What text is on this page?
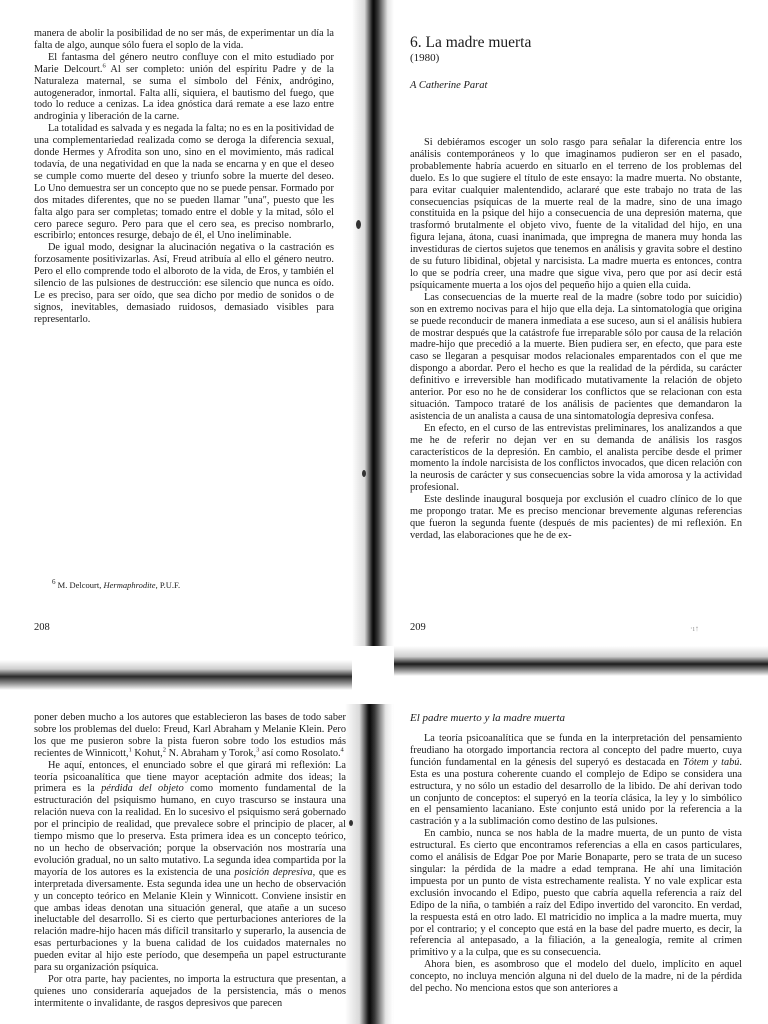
manera de abolir la posibilidad de no ser más, de experimentar un día la falta de algo, aunque sólo fuera el soplo de la vida.

El fantasma del género neutro confluye con el mito estudiado por Marie Delcourt.$^6$ Al ser completo: unión del espíritu Padre y de la Naturaleza maternal, se suma el símbolo del Fénix, andrógino, autogenerador, inmortal. Falta allí, siquiera, el bautismo del fuego, que todo lo reduce a cenizas. La idea gnóstica dará remate a ese lazo entre androginia y liberación de la carne.

La totalidad es salvada y es negada la falta; no es en la positividad de una complementariedad realizada como se deroga la diferencia sexual, donde Hermes y Afrodita son uno, sino en el movimiento, más radical todavía, de una negatividad en que la nada se encarna y en que el deseo se cumple como muerte del deseo y triunfo sobre la muerte del deseo. Lo Uno demuestra ser un concepto que no se puede pensar. Formado por dos mitades diferentes, que no se pueden llamar "una", puesto que les falta algo para ser completas; tomado entre el doble y la mitad, sólo el cero parece seguro. Pero para que el cero sea, es preciso nombrarlo, escribirlo; entonces resurge, debajo de él, el Uno ineliminable.

De igual modo, designar la alucinación negativa o la castración es forzosamente positivizarlas. Así, Freud atribuía al ello el género neutro. Pero el ello comprende todo el alboroto de la vida, de Eros, y también el silencio de las pulsiones de destrucción: ese silencio que nunca es oído. Le es preciso, para ser oído, que sea dicho por medio de sonidos o de signos, inevitables, demasiado ruidosos, demasiado visibles para representarlo.

$^6$ M. Delcourt, Hermaphrodite, P.U.F.
208
6. La madre muerta
(1980)
A Catherine Parat

Si debiéramos escoger un solo rasgo para señalar la diferencia entre los análisis contemporáneos y lo que imaginamos pudieron ser en el pasado, probablemente habría acuerdo en situarlo en el terreno de los problemas del duelo. Es lo que sugiere el título de este ensayo: la madre muerta. No obstante, para evitar cualquier malentendido, aclararé que este trabajo no trata de las consecuencias psíquicas de la muerte real de la madre, sino de una imago constituida en la psique del hijo a consecuencia de una depresión materna, que trasformó brutalmente el objeto vivo, fuente de la vitalidad del hijo, en una figura lejana, átona, cuasi inanimada, que impregna de manera muy honda las investiduras de ciertos sujetos que tenemos en análisis y gravita sobre el destino de su futuro libidinal, objetal y narcisista. La madre muerta es entonces, contra lo que se podría creer, una madre que sigue viva, pero que por así decir está psíquicamente muerta a los ojos del pequeño hijo a quien ella cuida.

Las consecuencias de la muerte real de la madre (sobre todo por suicidio) son en extremo nocivas para el hijo que ella deja. La sintomatología que origina se puede reconducir de manera inmediata a ese suceso, aun si el análisis hubiera de mostrar después que la catástrofe fue irreparable sólo por causa de la relación madre-hijo que precedió a la muerte. Bien pudiera ser, en efecto, que para este caso se llegaran a pesquisar modos relacionales emparentados con el que me dispongo a abordar. Pero el hecho es que la realidad de la pérdida, su carácter definitivo e irreversible han modificado mutativamente la relación de objeto anterior. Por eso no he de considerar los conflictos que se relacionan con esta situación. Tampoco trataré de los análisis de pacientes que demandaron la asistencia de un analista a causa de una sintomatología depresiva confesa.

En efecto, en el curso de las entrevistas preliminares, los analizandos a que me he de referir no dejan ver en su demanda de análisis los rasgos característicos de la depresión. En cambio, el analista percibe desde el primer momento la índole narcisista de los conflictos invocados, que dicen relación con la neurosis de carácter y sus consecuencias sobre la vida amorosa y la actividad profesional.

Este deslinde inaugural bosqueja por exclusión el cuadro clínico de lo que me propongo tratar. Me es preciso mencionar brevemente algunas referencias que fueron la segunda fuente (después de mis pacientes) de mi reflexión. En verdad, las elaboraciones que he de ex-

209	·ı↑

poner deben mucho a los autores que establecieron las bases de todo saber sobre los problemas del duelo: Freud, Karl Abraham y Melanie Klein. Pero los que me pusieron sobre la pista fueron sobre todo los estudios más recientes de Winnicott,$^1$ Kohut,$^2$ N. Abraham y Torok,$^3$ así como Rosolato.$^4$

He aquí, entonces, el enunciado sobre el que girará mi reflexión: La teoría psicoanalítica que tiene mayor aceptación admite dos ideas; la primera es la pérdida del objeto como momento fundamental de la estructuración del psiquismo humano, en cuyo trascurso se instaura una relación nueva con la realidad. En lo sucesivo el psiquismo será gobernado por el principio de realidad, que prevalece sobre el principio de placer, al tiempo mismo que lo preserva. Esta primera idea es un concepto teórico, no un hecho de observación; porque la observación nos mostraría una evolución gradual, no un salto mutativo. La segunda idea compartida por la mayoría de los autores es la existencia de una posición depresiva, que es interpretada diversamente. Esta segunda idea une un hecho de observación y un concepto teórico en Melanie Klein y Winnicott. Conviene insistir en que ambas ideas denotan una situación general, que atañe a un suceso ineluctable del desarrollo. Si es cierto que perturbaciones anteriores de la relación madre-hijo hacen más difícil transitarlo y superarlo, la ausencia de esas perturbaciones y la buena calidad de los cuidados maternales no pueden evitar al hijo este período, que desempeña un papel estructurante para su organización psíquica.

Por otra parte, hay pacientes, no importa la estructura que presentan, a quienes uno consideraría aquejados de la persistencia, más o menos intermitente o invalidante, de rasgos depresivos que parecen

El padre muerto y la madre muerta

La teoría psicoanalítica que se funda en la interpretación del pensamiento freudiano ha otorgado importancia rectora al concepto del padre muerto, cuya función fundamental en la génesis del superyó es destacada en Tótem y tabú. Esta es una postura coherente cuando el complejo de Edipo se considera una estructura, y no sólo un estadio del desarrollo de la libido. De ahí derivan todo un conjunto de conceptos: el superyó en la teoría clásica, la ley y lo simbólico en el pensamiento lacaniano. Este conjunto está unido por la referencia a la castración y a la sublimación como destino de las pulsiones.

En cambio, nunca se nos habla de la madre muerta, de un punto de vista estructural. Es cierto que encontramos referencias a ella en casos particulares, como el análisis de Edgar Poe por Marie Bonaparte, pero se trata de un suceso singular: la pérdida de la madre a edad temprana. He ahí una limitación impuesta por un punto de vista estrechamente realista. Y no vale explicar esta exclusión invocando el Edipo, puesto que cabría aquella referencia a raíz del Edipo de la niña, o también a raíz del Edipo invertido del varoncito. En verdad, la respuesta está en otro lado. El matricidio no implica a la madre muerta, muy por el contrario; y el concepto que está en la base del padre muerto, es decir, la referencia al antepasado, a la filiación, a la genealogía, remite al crimen primitivo y a la culpa, que es su consecuencia.

Ahora bien, es asombroso que el modelo del duelo, implícito en aquel concepto, no incluya mención alguna ni del duelo de la madre, ni de la pérdida del pecho. No menciona estos que son anteriores a
